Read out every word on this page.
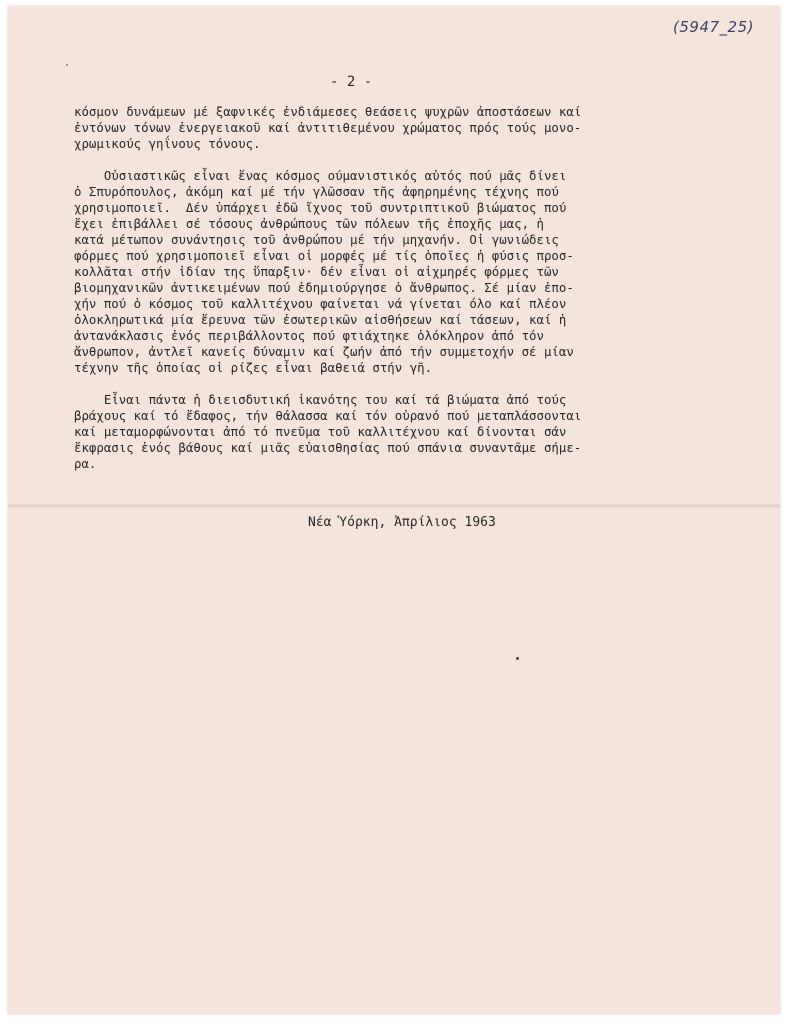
(5947_25)
- 2 -
κόσμον δυνάμεων μέ ξαφνικές ἐνδιάμεσες θεάσεις ψυχρῶν ἀποστάσεων καί
ἐντόνων τόνων ἐνεργειακοῦ καί ἀντιτιθεμένου χρώματος πρός τούς μονο-
χρωμικούς γηΐνους τόνους.
Οὐσιαστικῶς εἶναι ἕνας κόσμος ούμανιστικός αὐτός πού μᾶς δίνει
ὁ Σπυρόπουλος, ἀκόμη καί μέ τήν γλῶσσαν τῆς ἀφηρημένης τέχνης πού
χρησιμοποιεῖ.  Δέν ὑπάρχει ἐδῶ ἴχνος τοῦ συντριπτικοῦ βιώματος πού
ἔχει ἐπιβάλλει σέ τόσους ἀνθρώπους τῶν πόλεων τῆς ἐποχῆς μας, ἡ
κατά μέτωπον συνάντησις τοῦ ἀνθρώπου μέ τήν μηχανήν. Οἱ γωνιώδεις
φόρμες πού χρησιμοποιεῖ εἶναι οἱ μορφές μέ τίς ὁποῖες ἡ φύσις προσ-
κολλᾶται στήν ἰδίαν της ὕπαρξιν· δέν εἶναι οἱ αἰχμηρές φόρμες τῶν
βιομηχανικῶν ἀντικειμένων πού ἐδημιούργησε ὁ ἄνθρωπος. Σέ μίαν ἐπο-
χήν πού ὁ κόσμος τοῦ καλλιτέχνου φαίνεται νά γίνεται όλο καί πλέον
ὁλοκληρωτικά μία ἔρευνα τῶν ἐσωτερικῶν αἰσθήσεων καί τάσεων, καί ἡ
ἀντανάκλασις ἑνός περιβάλλοντος πού φτιάχτηκε ὁλόκληρον ἀπό τόν
ἄνθρωπον, ἀντλεῖ κανείς δύναμιν καί ζωήν ἀπό τήν συμμετοχήν σέ μίαν
τέχνην τῆς ὁποίας οἱ ρίζες εἶναι βαθειά στήν γῆ.
Εἶναι πάντα ἡ διεισδυτική ἱκανότης του καί τά βιώματα ἀπό τούς
βράχους καί τό ἔδαφος, τήν θάλασσα καί τόν οὐρανό πού μεταπλάσσονται
καί μεταμορφώνονται ἀπό τό πνεῦμα τοῦ καλλιτέχνου καί δίνονται σάν
ἔκφρασις ἑνός βάθους καί μιᾶς εὐαισθησίας πού σπάνια συναντᾶμε σήμε-
ρα.
Νέα Ὑόρκη, Ἀπρίλιος 1963
